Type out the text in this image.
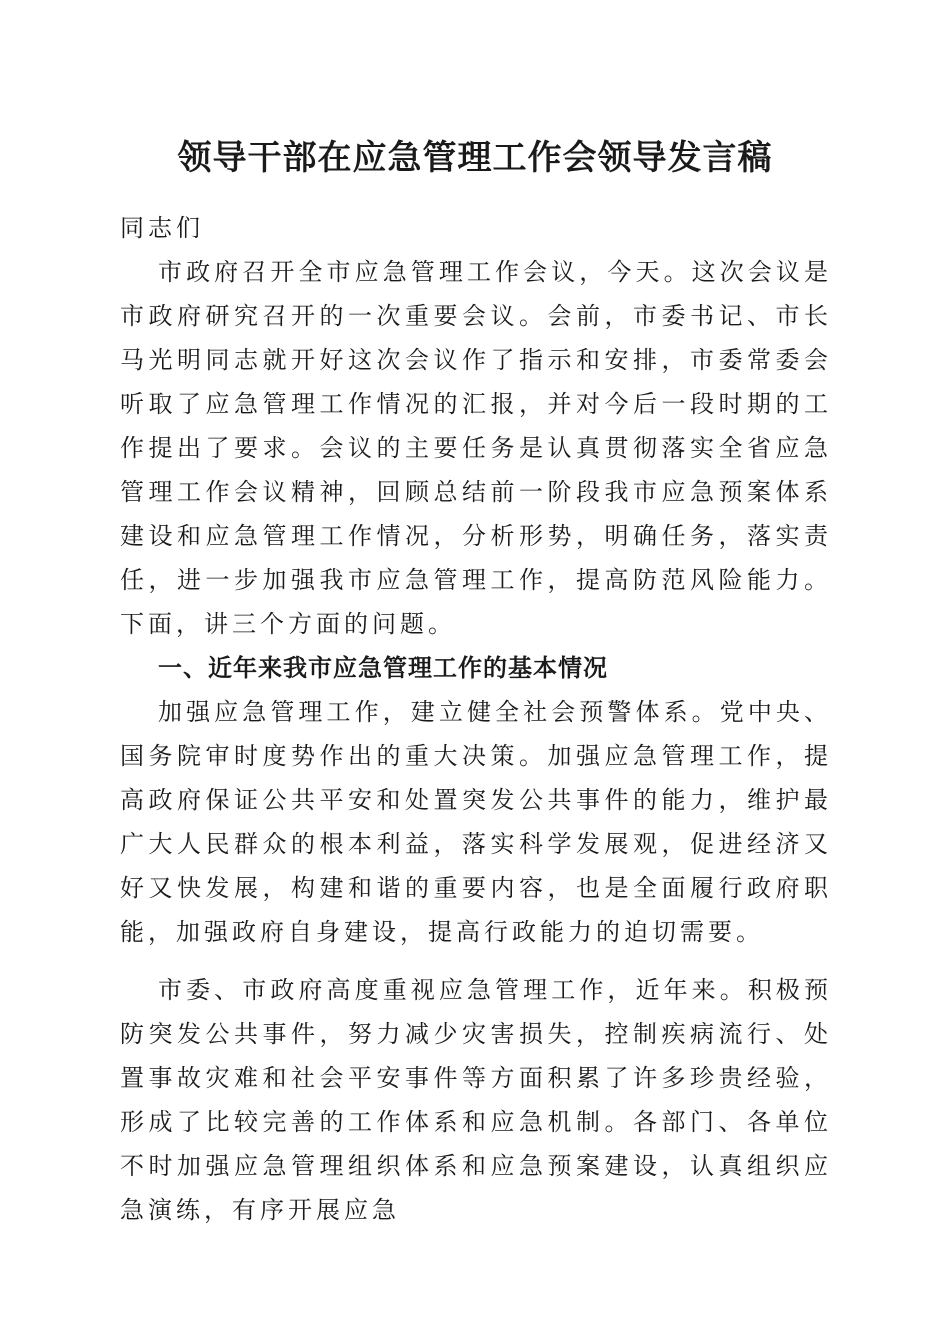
领导干部在应急管理工作会领导发言稿

同志们

市政府召开全市应急管理工作会议，今天。这次会议是市政府研究召开的一次重要会议。会前，市委书记、市长马光明同志就开好这次会议作了指示和安排，市委常委会听取了应急管理工作情况的汇报，并对今后一段时期的工作提出了要求。会议的主要任务是认真贯彻落实全省应急管理工作会议精神，回顾总结前一阶段我市应急预案体系建设和应急管理工作情况，分析形势，明确任务，落实责任，进一步加强我市应急管理工作，提高防范风险能力。下面，讲三个方面的问题。

一、近年来我市应急管理工作的基本情况

加强应急管理工作，建立健全社会预警体系。党中央、国务院审时度势作出的重大决策。加强应急管理工作，提高政府保证公共平安和处置突发公共事件的能力，维护最广大人民群众的根本利益，落实科学发展观，促进经济又好又快发展，构建和谐的重要内容，也是全面履行政府职能，加强政府自身建设，提高行政能力的迫切需要。

市委、市政府高度重视应急管理工作，近年来。积极预防突发公共事件，努力减少灾害损失，控制疾病流行、处置事故灾难和社会平安事件等方面积累了许多珍贵经验，形成了比较完善的工作体系和应急机制。各部门、各单位不时加强应急管理组织体系和应急预案建设，认真组织应急演练，有序开展应急
